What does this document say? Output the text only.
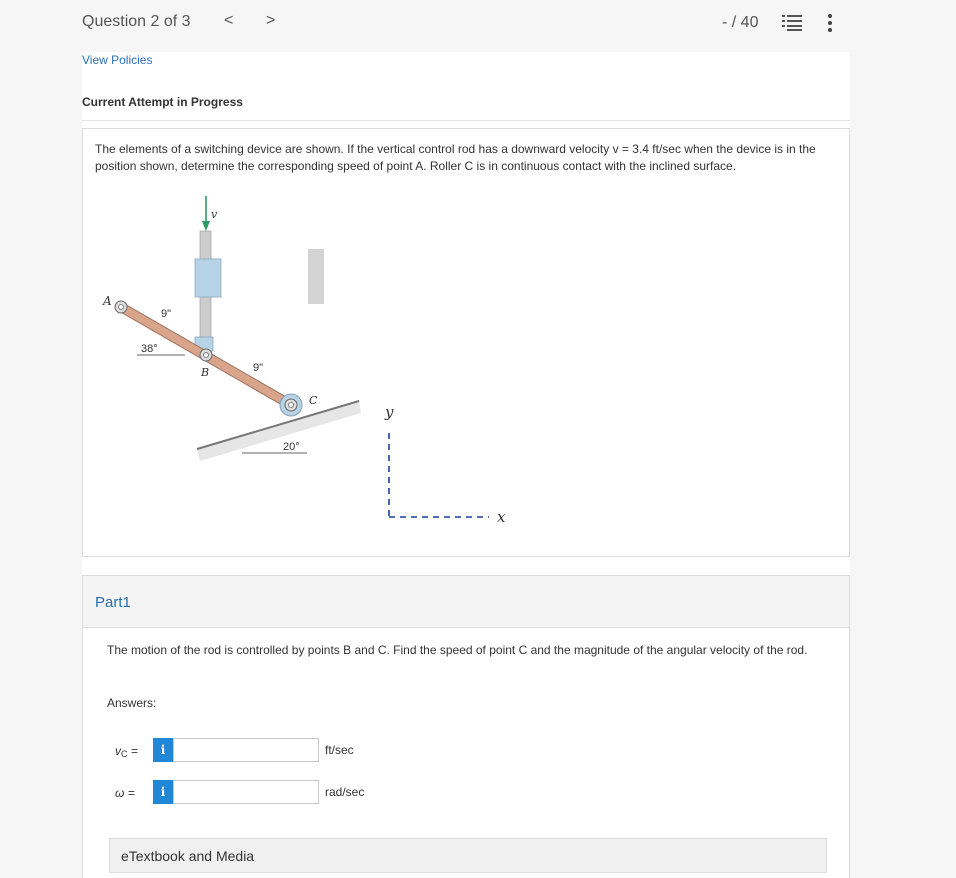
Question 2 of 3 < >	- / 40
View Policies
Current Attempt in Progress
The elements of a switching device are shown. If the vertical control rod has a downward velocity v = 3.4 ft/sec when the device is in the position shown, determine the corresponding speed of point A. Roller C is in continuous contact with the inclined surface.
v
A
9"
38°
B	9"
C
20°
y
x
Part1
The motion of the rod is controlled by points B and C. Find the speed of point C and the magnitude of the angular velocity of the rod.
Answers:
$v_C$ =	i	ft/sec
ω =	i	rad/sec
eTextbook and Media
